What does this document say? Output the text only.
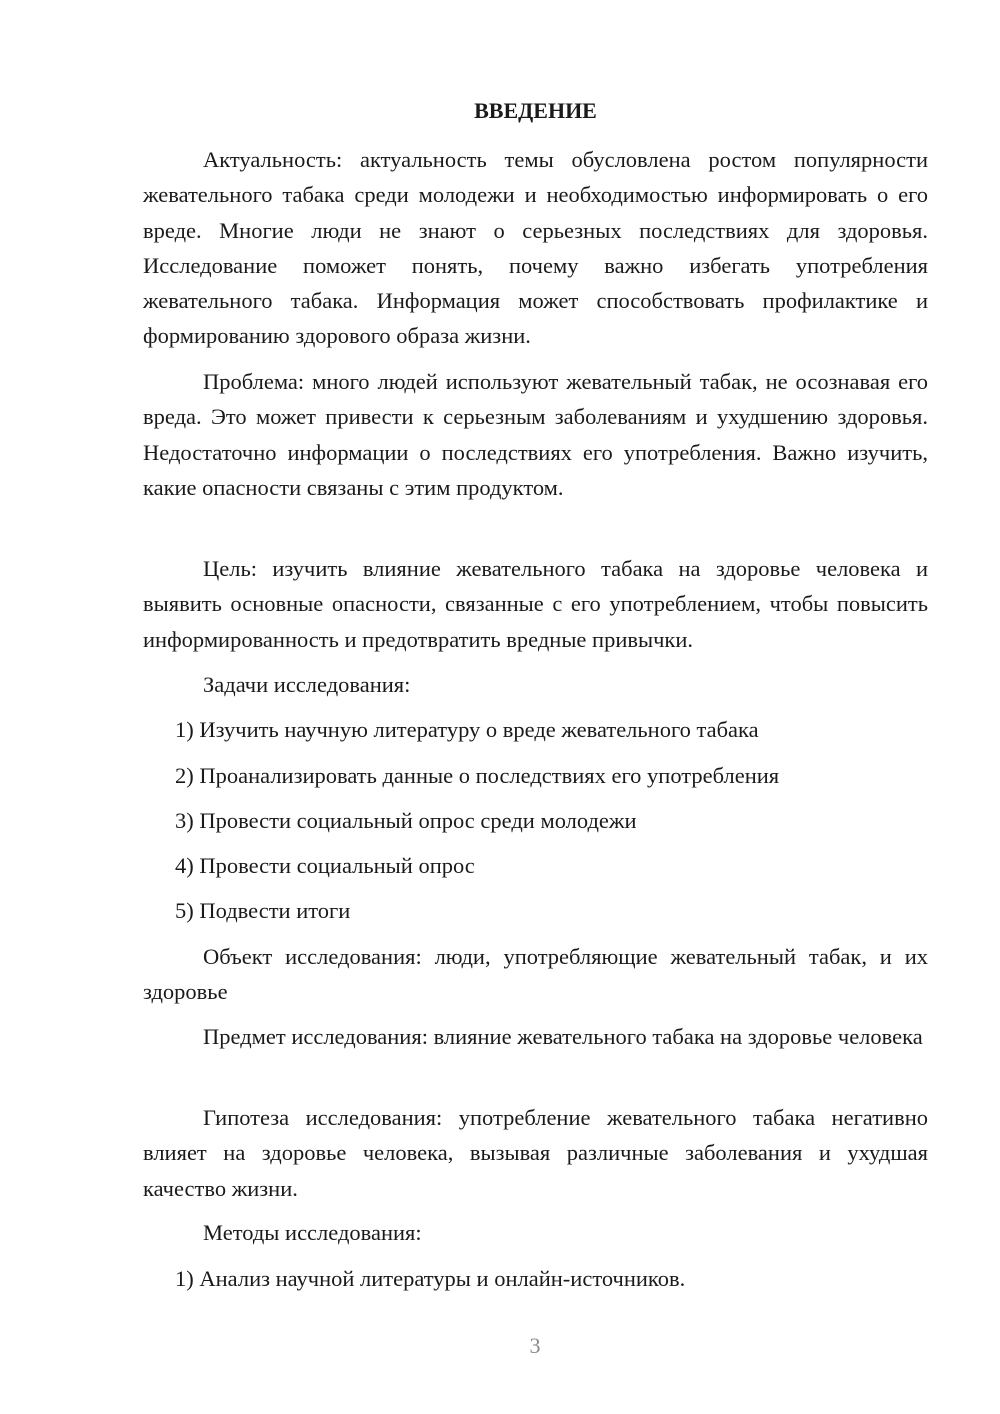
ВВЕДЕНИЕ

Актуальность: актуальность темы обусловлена ростом популярности жевательного табака среди молодежи и необходимостью информировать о его вреде. Многие люди не знают о серьезных последствиях для здоровья. Исследование поможет понять, почему важно избегать употребления жевательного табака. Информация может способствовать профилактике и формированию здорового образа жизни.

Проблема: много людей используют жевательный табак, не осознавая его вреда. Это может привести к серьезным заболеваниям и ухудшению здоровья. Недостаточно информации о последствиях его употребления. Важно изучить, какие опасности связаны с этим продуктом.

Цель: изучить влияние жевательного табака на здоровье человека и выявить основные опасности, связанные с его употреблением, чтобы повысить информированность и предотвратить вредные привычки.

Задачи исследования:

1) Изучить научную литературу о вреде жевательного табака

2) Проанализировать данные о последствиях его употребления

3) Провести социальный опрос среди молодежи

4) Провести социальный опрос

5) Подвести итоги

Объект исследования: люди, употребляющие жевательный табак, и их здоровье

Предмет исследования: влияние жевательного табака на здоровье человека

Гипотеза исследования: употребление жевательного табака негативно влияет на здоровье человека, вызывая различные заболевания и ухудшая качество жизни.

Методы исследования:

1) Анализ научной литературы и онлайн-источников.

3
